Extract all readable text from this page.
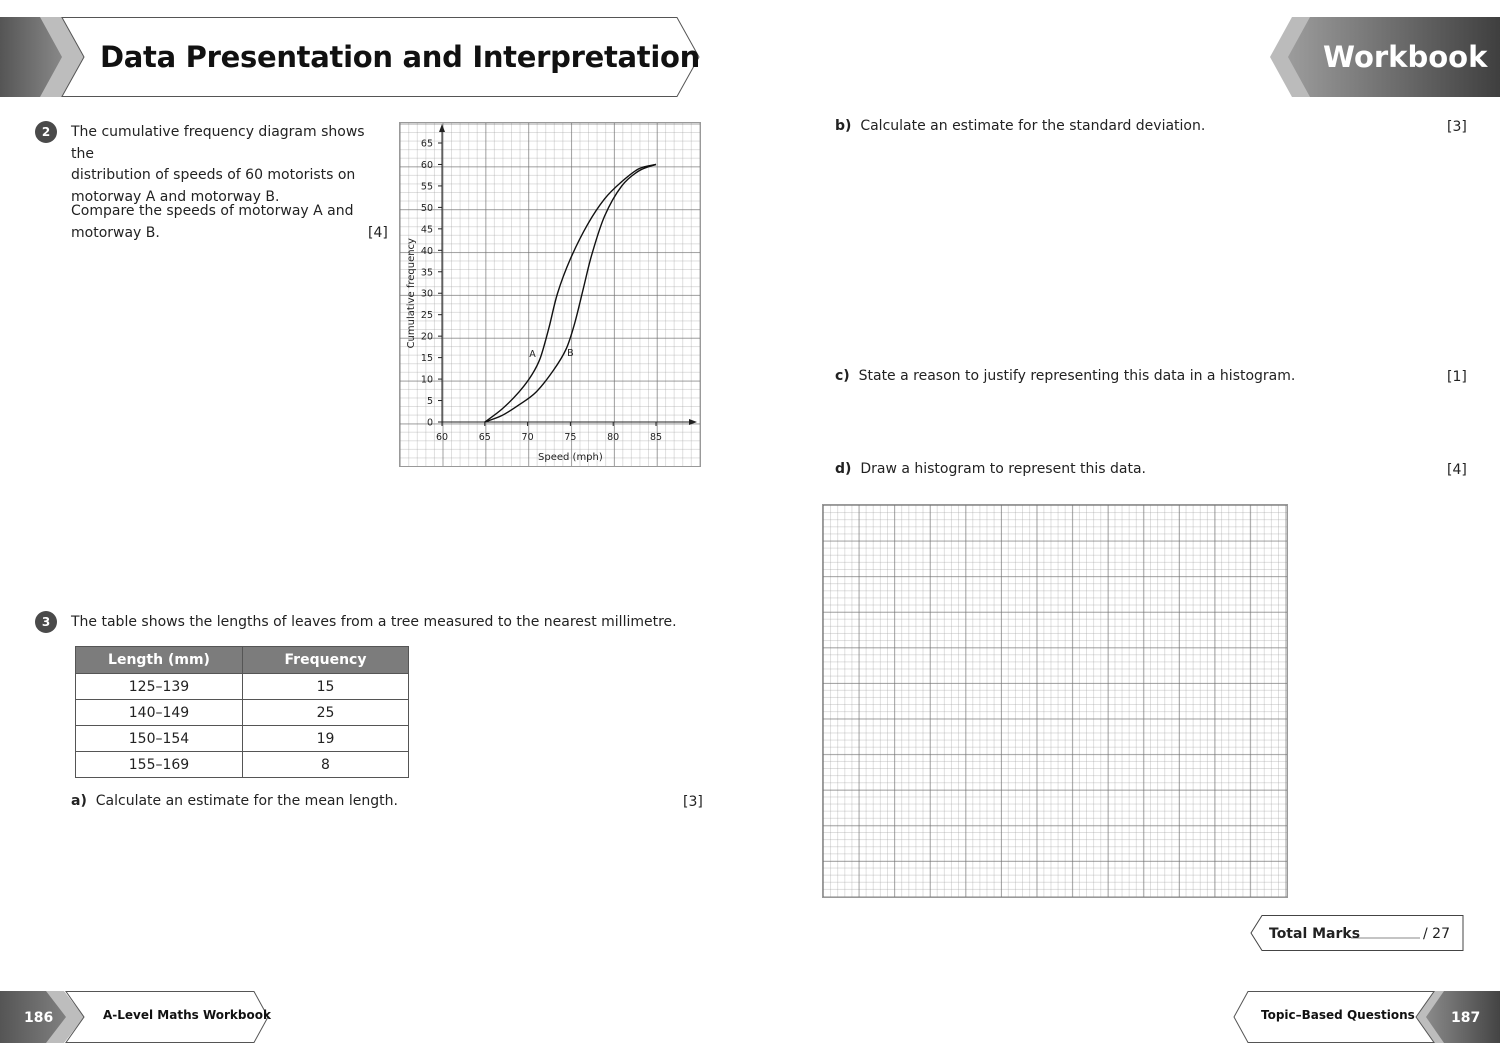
Data Presentation and Interpretation	Workbook
2	The cumulative frequency diagram shows the
distribution of speeds of 60 motorists on
motorway A and motorway B.
Compare the speeds of motorway A and
motorway B.	[4]
60	65	70	75	80	85
0
5
10
15
20
25
30
35
40
45
50
55
60
65
Speed (mph)
Cumulative frequency
A	B
3	The table shows the lengths of leaves from a tree measured to the nearest millimetre.
Length (mm)	Frequency
125–139	15
140–149	25
150–154	19
155–169	8
a) Calculate an estimate for the mean length.	[3]
b) Calculate an estimate for the standard deviation.	[3]
c) State a reason to justify representing this data in a histogram.	[1]
d) Draw a histogram to represent this data.	[4]
Total Marks	/ 27
186	A-Level Maths Workbook	Topic–Based Questions	187
